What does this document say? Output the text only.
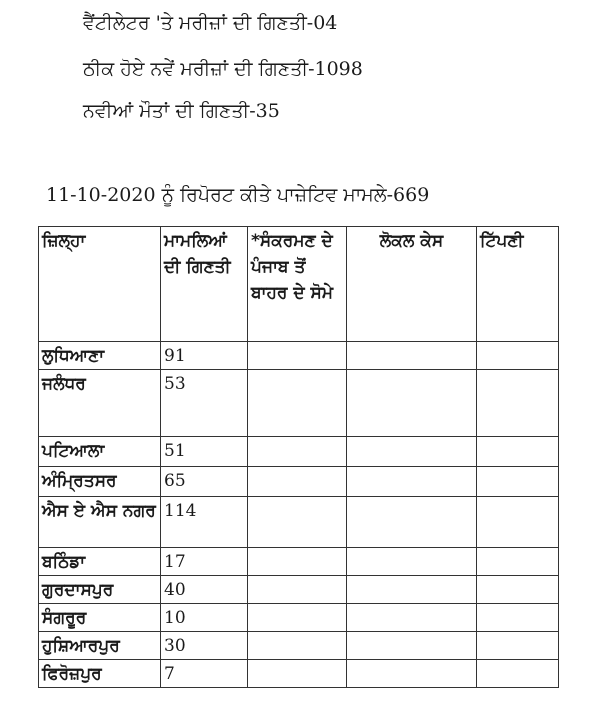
ਵੈਂਟੀਲੇਟਰ 'ਤੇ ਮਰੀਜ਼ਾਂ ਦੀ ਗਿਣਤੀ-04
ਠੀਕ ਹੋਏ ਨਵੇਂ ਮਰੀਜ਼ਾਂ ਦੀ ਗਿਣਤੀ-1098
ਨਵੀਆਂ ਮੌਤਾਂ ਦੀ ਗਿਣਤੀ-35
11-10-2020 ਨੂੰ ਰਿਪੋਰਟ ਕੀਤੇ ਪਾਜ਼ੇਟਿਵ ਮਾਮਲੇ-669
ਜ਼ਿਲ੍ਹਾ	ਮਾਮਲਿਆਂ ਦੀ ਗਿਣਤੀ	*ਸੰਕਰਮਣ ਦੇ ਪੰਜਾਬ ਤੋਂ ਬਾਹਰ ਦੇ ਸੋਮੇ	ਲੋਕਲ ਕੇਸ	ਟਿੱਪਣੀ
ਲੁਧਿਆਣਾ	91			
ਜਲੰਧਰ	53			
ਪਟਿਆਲਾ	51			
ਅੰਮ੍ਰਿਤਸਰ	65			
ਐਸ ਏ ਐਸ ਨਗਰ	114			
ਬਠਿੰਡਾ	17			
ਗੁਰਦਾਸਪੁਰ	40			
ਸੰਗਰੂਰ	10			
ਹੁਸ਼ਿਆਰਪੁਰ	30			
ਫਿਰੋਜ਼ਪੁਰ	7			
